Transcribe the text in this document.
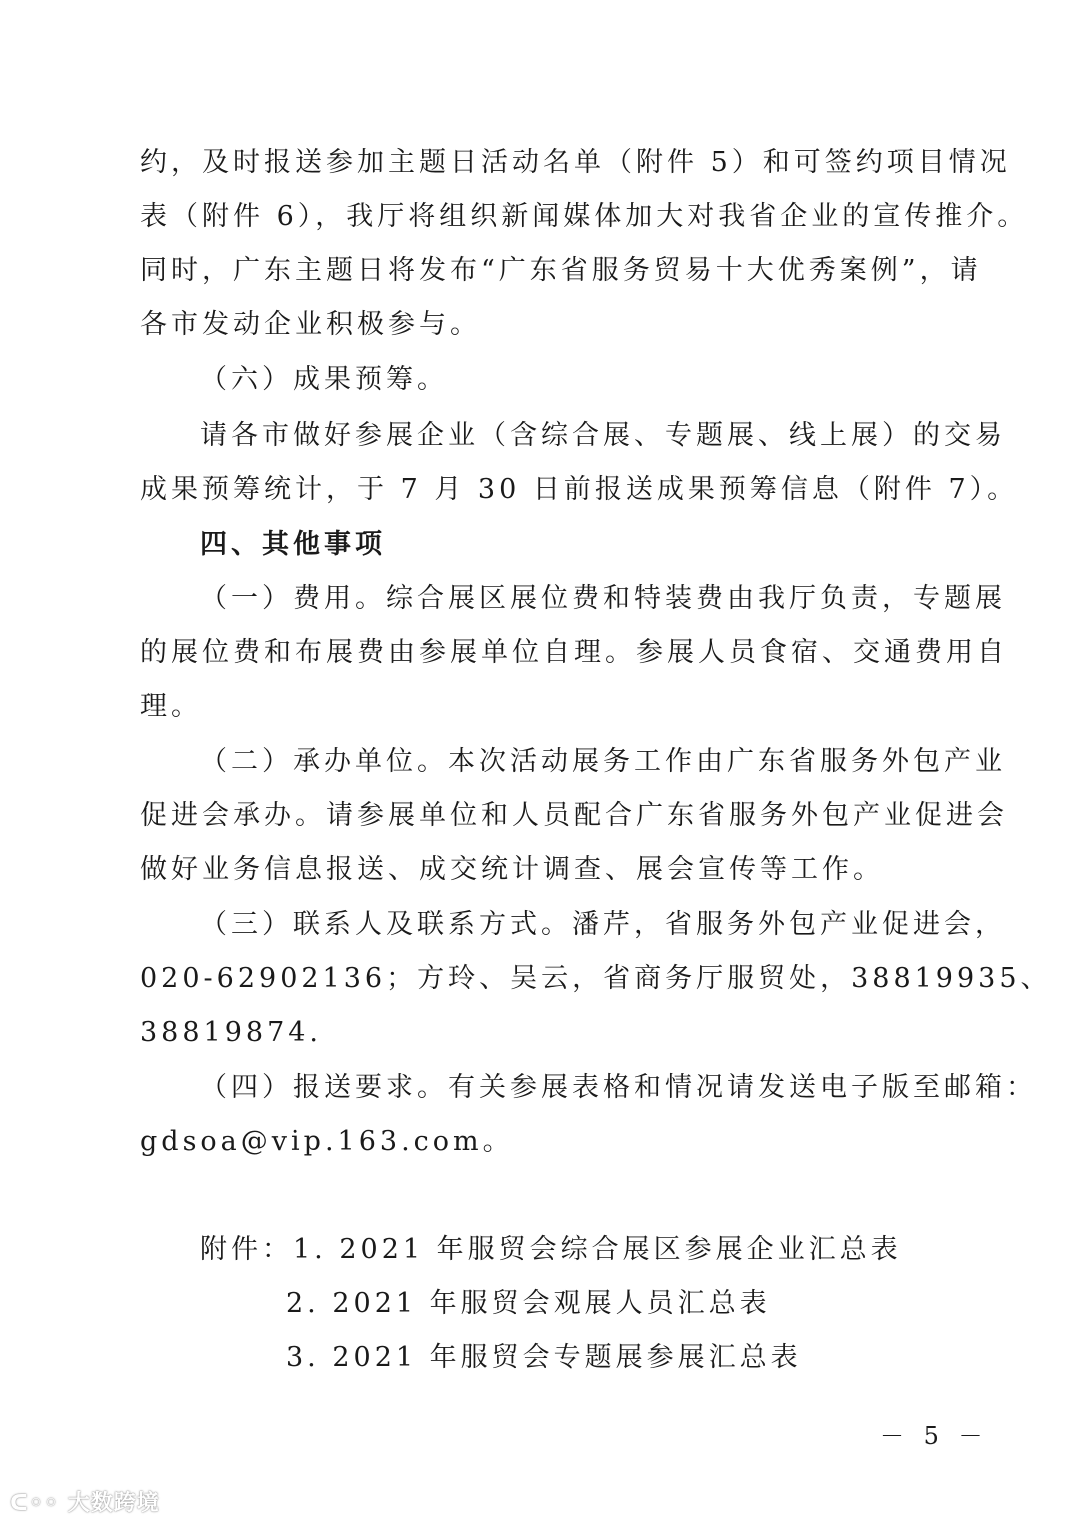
约，及时报送参加主题日活动名单（附件 5）和可签约项目情况
表（附件 6），我厅将组织新闻媒体加大对我省企业的宣传推介。
同时，广东主题日将发布“广东省服务贸易十大优秀案例”，请
各市发动企业积极参与。
（六）成果预筹。
请各市做好参展企业（含综合展、专题展、线上展）的交易
成果预筹统计，于 7 月 30 日前报送成果预筹信息（附件 7）。
四、其他事项
（一）费用。综合展区展位费和特装费由我厅负责，专题展
的展位费和布展费由参展单位自理。参展人员食宿、交通费用自
理。
（二）承办单位。本次活动展务工作由广东省服务外包产业
促进会承办。请参展单位和人员配合广东省服务外包产业促进会
做好业务信息报送、成交统计调查、展会宣传等工作。
（三）联系人及联系方式。潘芹，省服务外包产业促进会，
020-62902136；方玲、吴云，省商务厅服贸处，38819935、
38819874.
（四）报送要求。有关参展表格和情况请发送电子版至邮箱：
gdsoa@vip.163.com。
附件：1. 2021 年服贸会综合展区参展企业汇总表
2. 2021 年服贸会观展人员汇总表
3. 2021 年服贸会专题展参展汇总表
－ 5 －
ᑕ◦◦ 大数跨境
